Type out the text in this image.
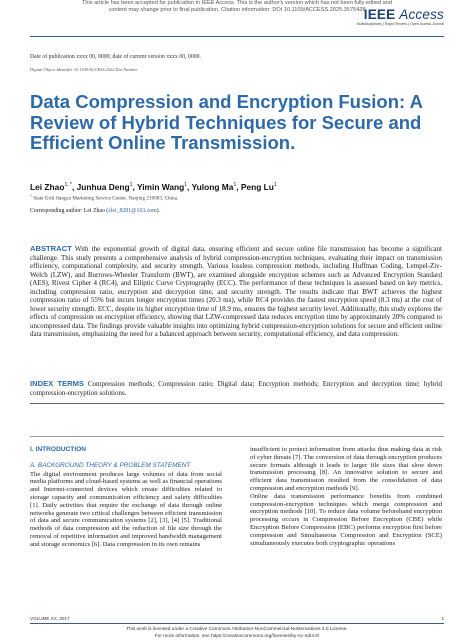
This article has been accepted for publication in IEEE Access. This is the author's version which has not been fully edited and
content may change prior to final publication. Citation information: DOI 10.1109/ACCESS.2025.3575428
IEEE Access
Multidisciplinary | Rapid Review | Open Access Journal
Date of publication xxxx 00, 0000, date of current version xxxx 00, 0000.
Digital Object Identifier 10.1109/ACCESS.2022.Doi Number
Data Compression and Encryption Fusion: A Review of Hybrid Techniques for Secure and Efficient Online Transmission.
Lei Zhao$^{1, *}$, Junhua Deng$^1$, Yimin Wang$^1$, Yulong Ma$^1$, Peng Lu$^1$
$^1$ State Grid Jiangsu Marketing Service Center, Nanjing 210003, China.
Corresponding author: Lei Zhao (zlei_8281@163.com).
ABSTRACT With the exponential growth of digital data, ensuring efficient and secure online file transmission has become a significant challenge. This study presents a comprehensive analysis of hybrid compression-encryption techniques, evaluating their impact on transmission efficiency, computational complexity, and security strength. Various lossless compression methods, including Huffman Coding, Lempel-Ziv-Welch (LZW), and Burrows-Wheeler Transform (BWT), are examined alongside encryption schemes such as Advanced Encryption Standard (AES), Rivest Cipher 4 (RC4), and Elliptic Curve Cryptography (ECC). The performance of these techniques is assessed based on key metrics, including compression ratio, encryption and decryption time, and security strength. The results indicate that BWT achieves the highest compression ratio of 55% but incurs longer encryption times (20.3 ms), while RC4 provides the fastest encryption speed (8.3 ms) at the cost of lower security strength. ECC, despite its higher encryption time of 18.9 ms, ensures the highest security level. Additionally, this study explores the effects of compression on encryption efficiency, showing that LZW-compressed data reduces encryption time by approximately 20% compared to uncompressed data. The findings provide valuable insights into optimizing hybrid compression-encryption solutions for secure and efficient online data transmission, emphasizing the need for a balanced approach between security, computational efficiency, and data compression.
INDEX TERMS Compression methods; Compression ratio; Digital data; Encryption methods; Encryption and decryption time; hybrid compression-encryption solutions.
I. INTRODUCTION
A. BACKGROUND THEORY & PROBLEM STATEMENT

The digital environment produces large volumes of data from social media platforms and cloud-based systems as well as financial operations and Internet-connected devices which create difficulties related to storage capacity and communication efficiency and safety difficulties [1]. Daily activities that require the exchange of data through online networks generate two critical challenges between efficient transmission of data and secure communication systems [2], [3], [4] [5]. Traditional methods of data compression aid the reduction of file size through the removal of repetitive information and improved bandwidth management and storage economics [6]. Data compression in its own remains

insufficient to protect information from attacks thus making data at risk of cyber threats [7]. The conversion of data through encryption produces secure formats although it leads to larger file sizes that slow down transmission processing [8]. An innovative solution to secure and efficient data transmission resulted from the consolidation of data compression and encryption methods [9].

Online data transmission performance benefits from combined compression-encryption techniques which merge compression and encryption methods [10]. To reduce data volume beforehand encryption processing occurs in Compression Before Encryption (CBE) while Encryption Before Compression (EBC) performs encryption first before compression and Simultaneous Compression and Encryption (SCE) simultaneously executes both cryptographic operations

VOLUME XX, 2017	1
This work is licensed under a Creative Commons Attribution-NonCommercial-NoDerivatives 4.0 License.
For more information, see https://creativecommons.org/licenses/by-nc-nd/4.0/
